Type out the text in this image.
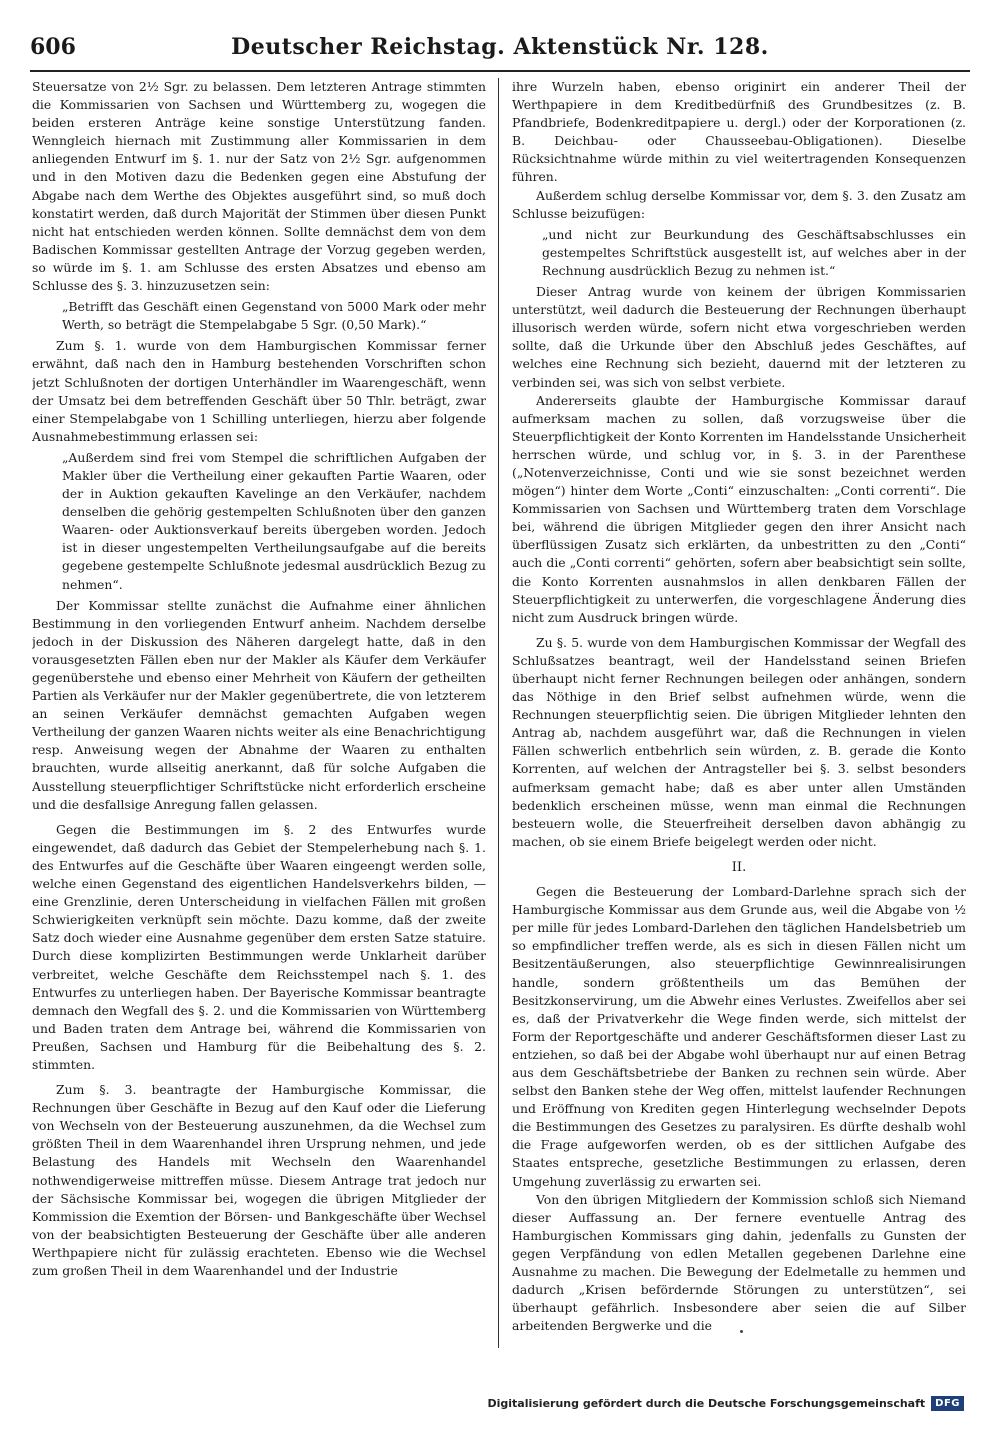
606	Deutscher Reichstag. Aktenstück Nr. 128.

Steuersatze von 2⅟₂ Sgr. zu belassen. Dem letzteren Antrage stimmten die Kommissarien von Sachsen und Württemberg zu, wogegen die beiden ersteren Anträge keine sonstige Unterstützung fanden. Wenngleich hiernach mit Zustimmung aller Kommissarien in dem anliegenden Entwurf im §. 1. nur der Satz von 2⅟₂ Sgr. aufgenommen und in den Motiven dazu die Bedenken gegen eine Abstufung der Abgabe nach dem Werthe des Objektes ausgeführt sind, so muß doch konstatirt werden, daß durch Majorität der Stimmen über diesen Punkt nicht hat entschieden werden können. Sollte demnächst dem von dem Badischen Kommissar gestellten Antrage der Vorzug gegeben werden, so würde im §. 1. am Schlusse des ersten Absatzes und ebenso am Schlusse des §. 3. hinzuzusetzen sein:

„Betrifft das Geschäft einen Gegenstand von 5000 Mark oder mehr Werth, so beträgt die Stempelabgabe 5 Sgr. (0,50 Mark).“

Zum §. 1. wurde von dem Hamburgischen Kommissar ferner erwähnt, daß nach den in Hamburg bestehenden Vorschriften schon jetzt Schlußnoten der dortigen Unterhändler im Waarengeschäft, wenn der Umsatz bei dem betreffenden Geschäft über 50 Thlr. beträgt, zwar einer Stempelabgabe von 1 Schilling unterliegen, hierzu aber folgende Ausnahmebestimmung erlassen sei:

„Außerdem sind frei vom Stempel die schriftlichen Aufgaben der Makler über die Vertheilung einer gekauften Partie Waaren, oder der in Auktion gekauften Kavelinge an den Verkäufer, nachdem denselben die gehörig gestempelten Schlußnoten über den ganzen Waaren- oder Auktionsverkauf bereits übergeben worden. Jedoch ist in dieser ungestempelten Vertheilungsaufgabe auf die bereits gegebene gestempelte Schlußnote jedesmal ausdrücklich Bezug zu nehmen“.

Der Kommissar stellte zunächst die Aufnahme einer ähnlichen Bestimmung in den vorliegenden Entwurf anheim. Nachdem derselbe jedoch in der Diskussion des Näheren dargelegt hatte, daß in den vorausgesetzten Fällen eben nur der Makler als Käufer dem Verkäufer gegenüberstehe und ebenso einer Mehrheit von Käufern der getheilten Partien als Verkäufer nur der Makler gegenübertrete, die von letzterem an seinen Verkäufer demnächst gemachten Aufgaben wegen Vertheilung der ganzen Waaren nichts weiter als eine Benachrichtigung resp. Anweisung wegen der Abnahme der Waaren zu enthalten brauchten, wurde allseitig anerkannt, daß für solche Aufgaben die Ausstellung steuerpflichtiger Schriftstücke nicht erforderlich erscheine und die desfallsige Anregung fallen gelassen.

Gegen die Bestimmungen im §. 2 des Entwurfes wurde eingewendet, daß dadurch das Gebiet der Stempelerhebung nach §. 1. des Entwurfes auf die Geschäfte über Waaren eingeengt werden solle, welche einen Gegenstand des eigentlichen Handelsverkehrs bilden, — eine Grenzlinie, deren Unterscheidung in vielfachen Fällen mit großen Schwierigkeiten verknüpft sein möchte. Dazu komme, daß der zweite Satz doch wieder eine Ausnahme gegenüber dem ersten Satze statuire. Durch diese komplizirten Bestimmungen werde Unklarheit darüber verbreitet, welche Geschäfte dem Reichsstempel nach §. 1. des Entwurfes zu unterliegen haben. Der Bayerische Kommissar beantragte demnach den Wegfall des §. 2. und die Kommissarien von Württemberg und Baden traten dem Antrage bei, während die Kommissarien von Preußen, Sachsen und Hamburg für die Beibehaltung des §. 2. stimmten.

Zum §. 3. beantragte der Hamburgische Kommissar, die Rechnungen über Geschäfte in Bezug auf den Kauf oder die Lieferung von Wechseln von der Besteuerung auszunehmen, da die Wechsel zum größten Theil in dem Waarenhandel ihren Ursprung nehmen, und jede Belastung des Handels mit Wechseln den Waarenhandel nothwendigerweise mittreffen müsse. Diesem Antrage trat jedoch nur der Sächsische Kommissar bei, wogegen die übrigen Mitglieder der Kommission die Exemtion der Börsen- und Bankgeschäfte über Wechsel von der beabsichtigten Besteuerung der Geschäfte über alle anderen Werthpapiere nicht für zulässig erachteten. Ebenso wie die Wechsel zum großen Theil in dem Waarenhandel und der Industrie

ihre Wurzeln haben, ebenso originirt ein anderer Theil der Werthpapiere in dem Kreditbedürfniß des Grundbesitzes (z. B. Pfandbriefe, Bodenkreditpapiere u. dergl.) oder der Korporationen (z. B. Deichbau- oder Chausseebau-Obligationen). Dieselbe Rücksichtnahme würde mithin zu viel weitertragenden Konsequenzen führen.

Außerdem schlug derselbe Kommissar vor, dem §. 3. den Zusatz am Schlusse beizufügen:

„und nicht zur Beurkundung des Geschäftsabschlusses ein gestempeltes Schriftstück ausgestellt ist, auf welches aber in der Rechnung ausdrücklich Bezug zu nehmen ist.“

Dieser Antrag wurde von keinem der übrigen Kommissarien unterstützt, weil dadurch die Besteuerung der Rechnungen überhaupt illusorisch werden würde, sofern nicht etwa vorgeschrieben werden sollte, daß die Urkunde über den Abschluß jedes Geschäftes, auf welches eine Rechnung sich bezieht, dauernd mit der letzteren zu verbinden sei, was sich von selbst verbiete.

Andererseits glaubte der Hamburgische Kommissar darauf aufmerksam machen zu sollen, daß vorzugsweise über die Steuerpflichtigkeit der Konto Korrenten im Handelsstande Unsicherheit herrschen würde, und schlug vor, in §. 3. in der Parenthese („Notenverzeichnisse, Conti und wie sie sonst bezeichnet werden mögen“) hinter dem Worte „Conti“ einzuschalten: „Conti correnti“. Die Kommissarien von Sachsen und Württemberg traten dem Vorschlage bei, während die übrigen Mitglieder gegen den ihrer Ansicht nach überflüssigen Zusatz sich erklärten, da unbestritten zu den „Conti“ auch die „Conti correnti“ gehörten, sofern aber beabsichtigt sein sollte, die Konto Korrenten ausnahmslos in allen denkbaren Fällen der Steuerpflichtigkeit zu unterwerfen, die vorgeschlagene Änderung dies nicht zum Ausdruck bringen würde.

Zu §. 5. wurde von dem Hamburgischen Kommissar der Wegfall des Schlußsatzes beantragt, weil der Handelsstand seinen Briefen überhaupt nicht ferner Rechnungen beilegen oder anhängen, sondern das Nöthige in den Brief selbst aufnehmen würde, wenn die Rechnungen steuerpflichtig seien. Die übrigen Mitglieder lehnten den Antrag ab, nachdem ausgeführt war, daß die Rechnungen in vielen Fällen schwerlich entbehrlich sein würden, z. B. gerade die Konto Korrenten, auf welchen der Antragsteller bei §. 3. selbst besonders aufmerksam gemacht habe; daß es aber unter allen Umständen bedenklich erscheinen müsse, wenn man einmal die Rechnungen besteuern wolle, die Steuerfreiheit derselben davon abhängig zu machen, ob sie einem Briefe beigelegt werden oder nicht.

II.

Gegen die Besteuerung der Lombard-Darlehne sprach sich der Hamburgische Kommissar aus dem Grunde aus, weil die Abgabe von ⅟₂ per mille für jedes Lombard-Darlehen den täglichen Handelsbetrieb um so empfindlicher treffen werde, als es sich in diesen Fällen nicht um Besitzentäußerungen, also steuerpflichtige Gewinnrealisirungen handle, sondern größtentheils um das Bemühen der Besitzkonservirung, um die Abwehr eines Verlustes. Zweifellos aber sei es, daß der Privatverkehr die Wege finden werde, sich mittelst der Form der Reportgeschäfte und anderer Geschäftsformen dieser Last zu entziehen, so daß bei der Abgabe wohl überhaupt nur auf einen Betrag aus dem Geschäftsbetriebe der Banken zu rechnen sein würde. Aber selbst den Banken stehe der Weg offen, mittelst laufender Rechnungen und Eröffnung von Krediten gegen Hinterlegung wechselnder Depots die Bestimmungen des Gesetzes zu paralysiren. Es dürfte deshalb wohl die Frage aufgeworfen werden, ob es der sittlichen Aufgabe des Staates entspreche, gesetzliche Bestimmungen zu erlassen, deren Umgehung zuverlässig zu erwarten sei.

Von den übrigen Mitgliedern der Kommission schloß sich Niemand dieser Auffassung an. Der fernere eventuelle Antrag des Hamburgischen Kommissars ging dahin, jedenfalls zu Gunsten der gegen Verpfändung von edlen Metallen gegebenen Darlehne eine Ausnahme zu machen. Die Bewegung der Edelmetalle zu hemmen und dadurch „Krisen befördernde Störungen zu unterstützen“, sei überhaupt gefährlich. Insbesondere aber seien die auf Silber arbeitenden Bergwerke und die

Digitalisierung gefördert durch die Deutsche Forschungsgemeinschaft	DFG
